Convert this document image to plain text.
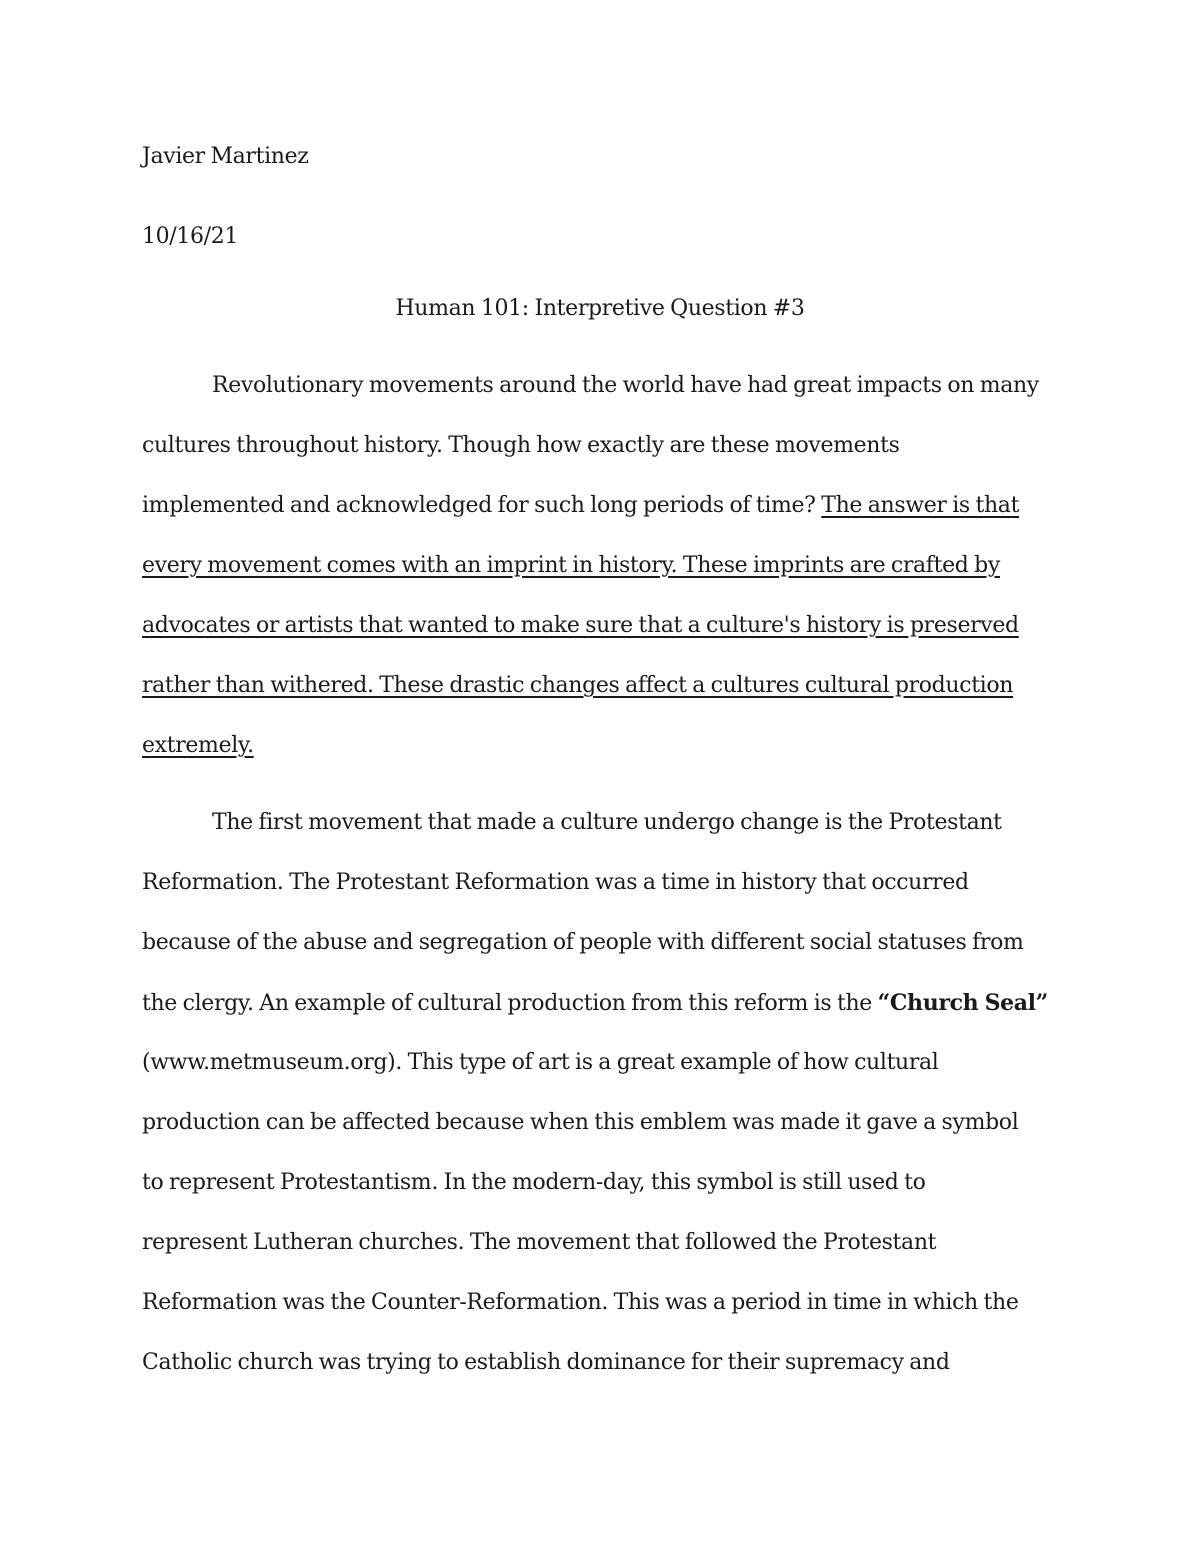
Javier Martinez
10/16/21
Human 101: Interpretive Question #3
Revolutionary movements around the world have had great impacts on many
cultures throughout history. Though how exactly are these movements
implemented and acknowledged for such long periods of time? The answer is that
every movement comes with an imprint in history. These imprints are crafted by
advocates or artists that wanted to make sure that a culture's history is preserved
rather than withered. These drastic changes affect a cultures cultural production
extremely.
The first movement that made a culture undergo change is the Protestant
Reformation. The Protestant Reformation was a time in history that occurred
because of the abuse and segregation of people with different social statuses from
the clergy. An example of cultural production from this reform is the “Church Seal”
(www.metmuseum.org). This type of art is a great example of how cultural
production can be affected because when this emblem was made it gave a symbol
to represent Protestantism. In the modern-day, this symbol is still used to
represent Lutheran churches. The movement that followed the Protestant
Reformation was the Counter-Reformation. This was a period in time in which the
Catholic church was trying to establish dominance for their supremacy and
